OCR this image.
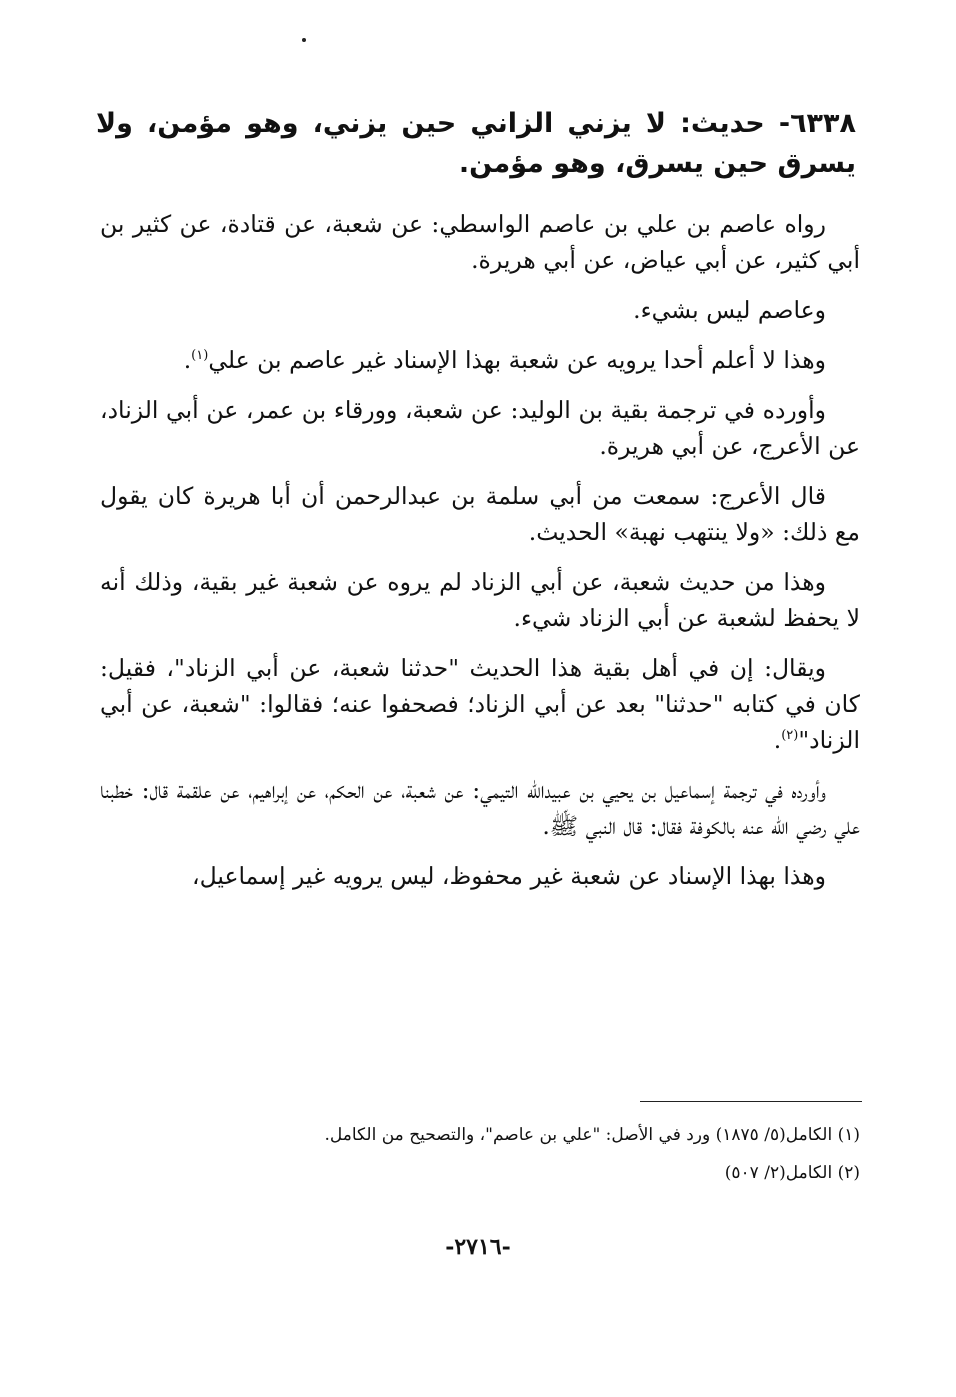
٦٣٣٨- حديث: لا يزني الزاني حين يزني، وهو مؤمن، ولا يسرق حين يسرق، وهو مؤمن.

رواه عاصم بن علي بن عاصم الواسطي: عن شعبة، عن قتادة، عن كثير بن أبي كثير، عن أبي عياض، عن أبي هريرة.

وعاصم ليس بشيء.

وهذا لا أعلم أحدا يرويه عن شعبة بهذا الإسناد غير عاصم بن علي$^{(١)}$.

وأورده في ترجمة بقية بن الوليد: عن شعبة، وورقاء بن عمر، عن أبي الزناد، عن الأعرج، عن أبي هريرة.

قال الأعرج: سمعت من أبي سلمة بن عبدالرحمن أن أبا هريرة كان يقول مع ذلك: «ولا ينتهب نهبة» الحديث.

وهذا من حديث شعبة، عن أبي الزناد لم يروه عن شعبة غير بقية، وذلك أنه لا يحفظ لشعبة عن أبي الزناد شيء.

ويقال: إن في أهل بقية هذا الحديث "حدثنا شعبة، عن أبي الزناد"، فقيل: كان في كتابه "حدثنا" بعد عن أبي الزناد؛ فصحفوا عنه؛ فقالوا: "شعبة، عن أبي الزناد"$^{(٢)}$.

وأورده في ترجمة إسماعيل بن يحيي بن عبيدالله التيمي: عن شعبة، عن الحكم، عن إبراهيم، عن علقمة قال: خطبنا علي رضي الله عنه بالكوفة فقال: قال النبي ﷺ.

وهذا بهذا الإسناد عن شعبة غير محفوظ، ليس يرويه غير إسماعيل،

(١) الكامل(٥/ ١٨٧٥) ورد في الأصل: "علي بن عاصم"، والتصحيح من الكامل.
(٢) الكامل(٢/ ٥٠٧)
-٢٧١٦-
